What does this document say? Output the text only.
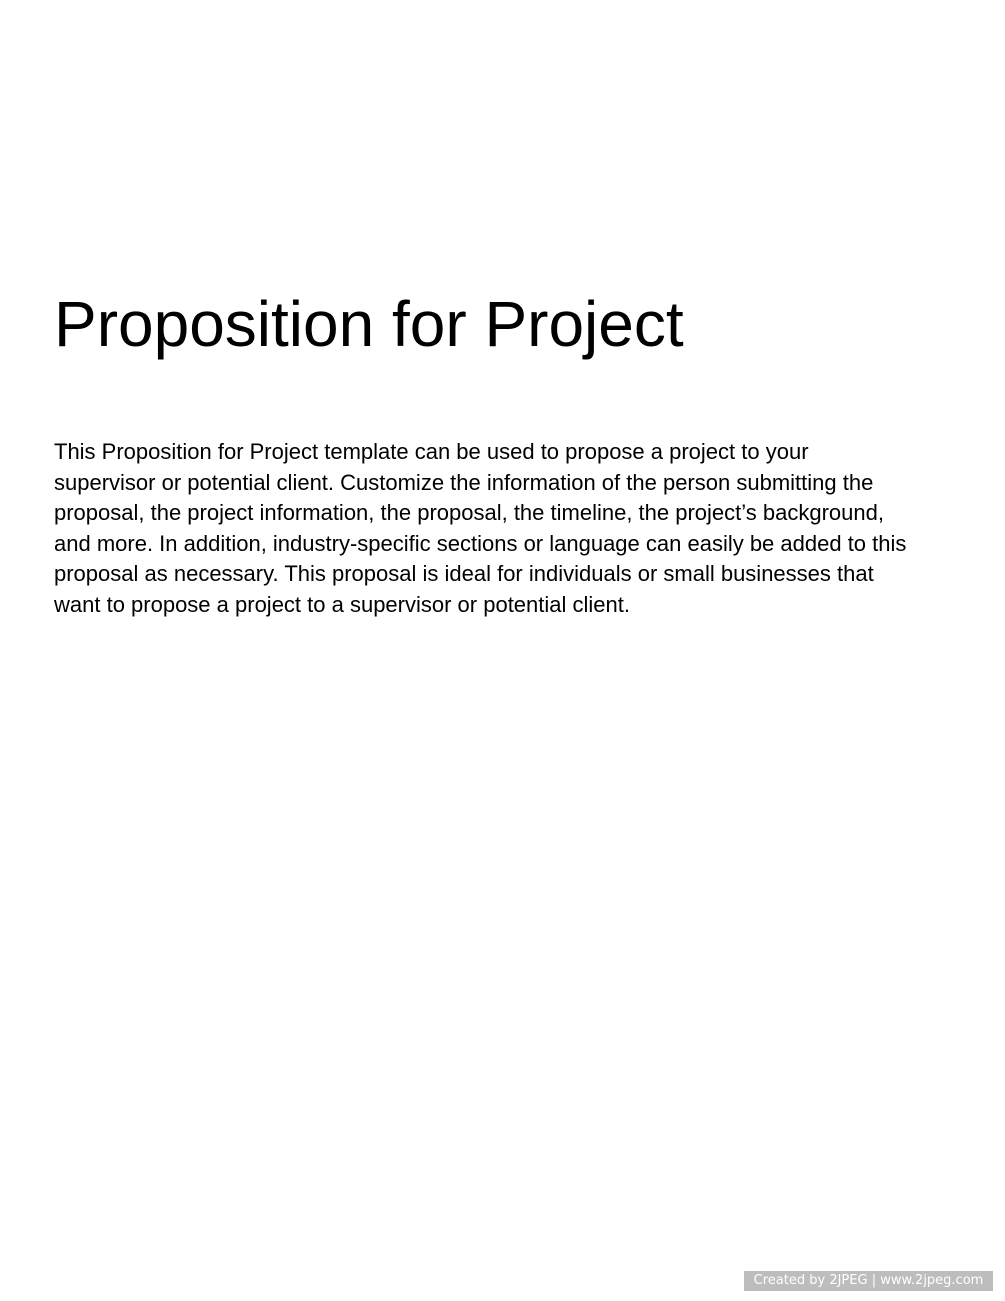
Proposition for Project
This Proposition for Project template can be used to propose a project to your
supervisor or potential client. Customize the information of the person submitting the
proposal, the project information, the proposal, the timeline, the project’s background,
and more. In addition, industry-specific sections or language can easily be added to this
proposal as necessary. This proposal is ideal for individuals or small businesses that
want to propose a project to a supervisor or potential client.
Created by 2JPEG | www.2jpeg.com
